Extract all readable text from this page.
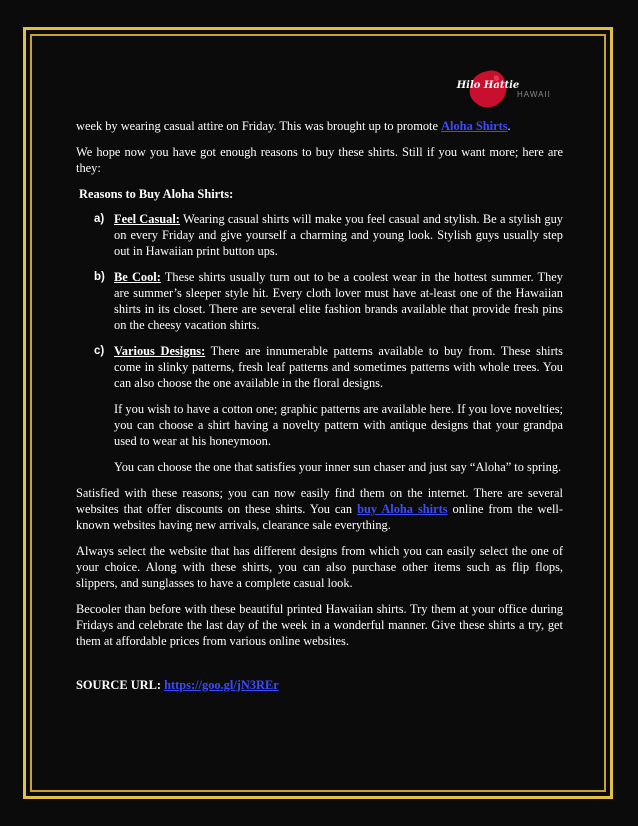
Hilo Hattie
HAWAII

week by wearing casual attire on Friday. This was brought up to promote Aloha Shirts.

We hope now you have got enough reasons to buy these shirts. Still if you want more; here are they:

Reasons to Buy Aloha Shirts:
a) Feel Casual: Wearing casual shirts will make you feel casual and stylish. Be a stylish guy on every Friday and give yourself a charming and young look. Stylish guys usually step out in Hawaiian print button ups.
b) Be Cool: These shirts usually turn out to be a coolest wear in the hottest summer. They are summer’s sleeper style hit. Every cloth lover must have at-least one of the Hawaiian shirts in its closet. There are several elite fashion brands available that provide fresh pins on the cheesy vacation shirts.
c) Various Designs: There are innumerable patterns available to buy from. These shirts come in slinky patterns, fresh leaf patterns and sometimes patterns with whole trees. You can also choose the one available in the floral designs.
If you wish to have a cotton one; graphic patterns are available here. If you love novelties; you can choose a shirt having a novelty pattern with antique designs that your grandpa used to wear at his honeymoon.
You can choose the one that satisfies your inner sun chaser and just say “Aloha” to spring.

Satisfied with these reasons; you can now easily find them on the internet. There are several websites that offer discounts on these shirts. You can buy Aloha shirts online from the well-known websites having new arrivals, clearance sale everything.

Always select the website that has different designs from which you can easily select the one of your choice. Along with these shirts, you can also purchase other items such as flip flops, slippers, and sunglasses to have a complete casual look.

Becooler than before with these beautiful printed Hawaiian shirts. Try them at your office during Fridays and celebrate the last day of the week in a wonderful manner. Give these shirts a try, get them at affordable prices from various online websites.

SOURCE URL: https://goo.gl/jN3REr
